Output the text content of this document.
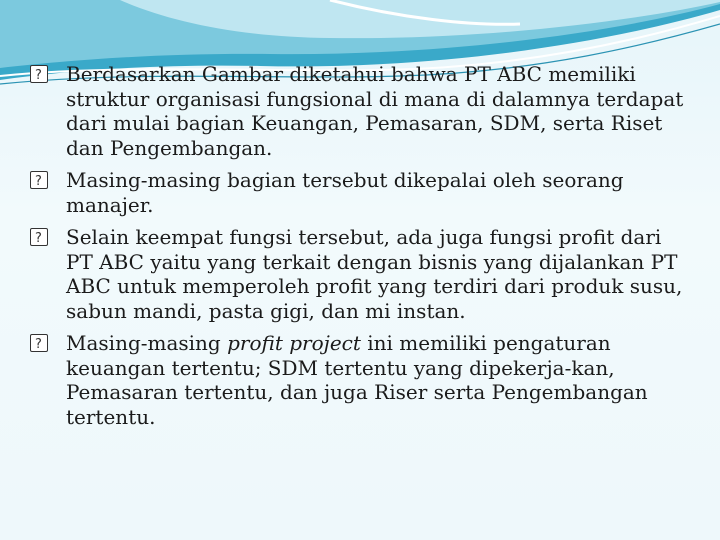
?
Berdasarkan Gambar diketahui bahwa PT ABC memiliki struktur organisasi fungsional di mana di dalamnya terdapat dari mulai bagian Keuangan, Pemasaran, SDM, serta Riset dan Pengembangan.

?
Masing-masing bagian tersebut dikepalai oleh seorang manajer.

?
Selain keempat fungsi tersebut, ada juga fungsi profit dari PT ABC yaitu yang terkait dengan bisnis yang dijalankan PT ABC untuk memperoleh profit yang terdiri dari produk susu, sabun mandi, pasta gigi, dan mi instan.

?
Masing-masing profit project ini memiliki pengaturan keuangan tertentu; SDM tertentu yang dipekerja-kan, Pemasaran tertentu, dan juga Riser serta Pengembangan tertentu.
